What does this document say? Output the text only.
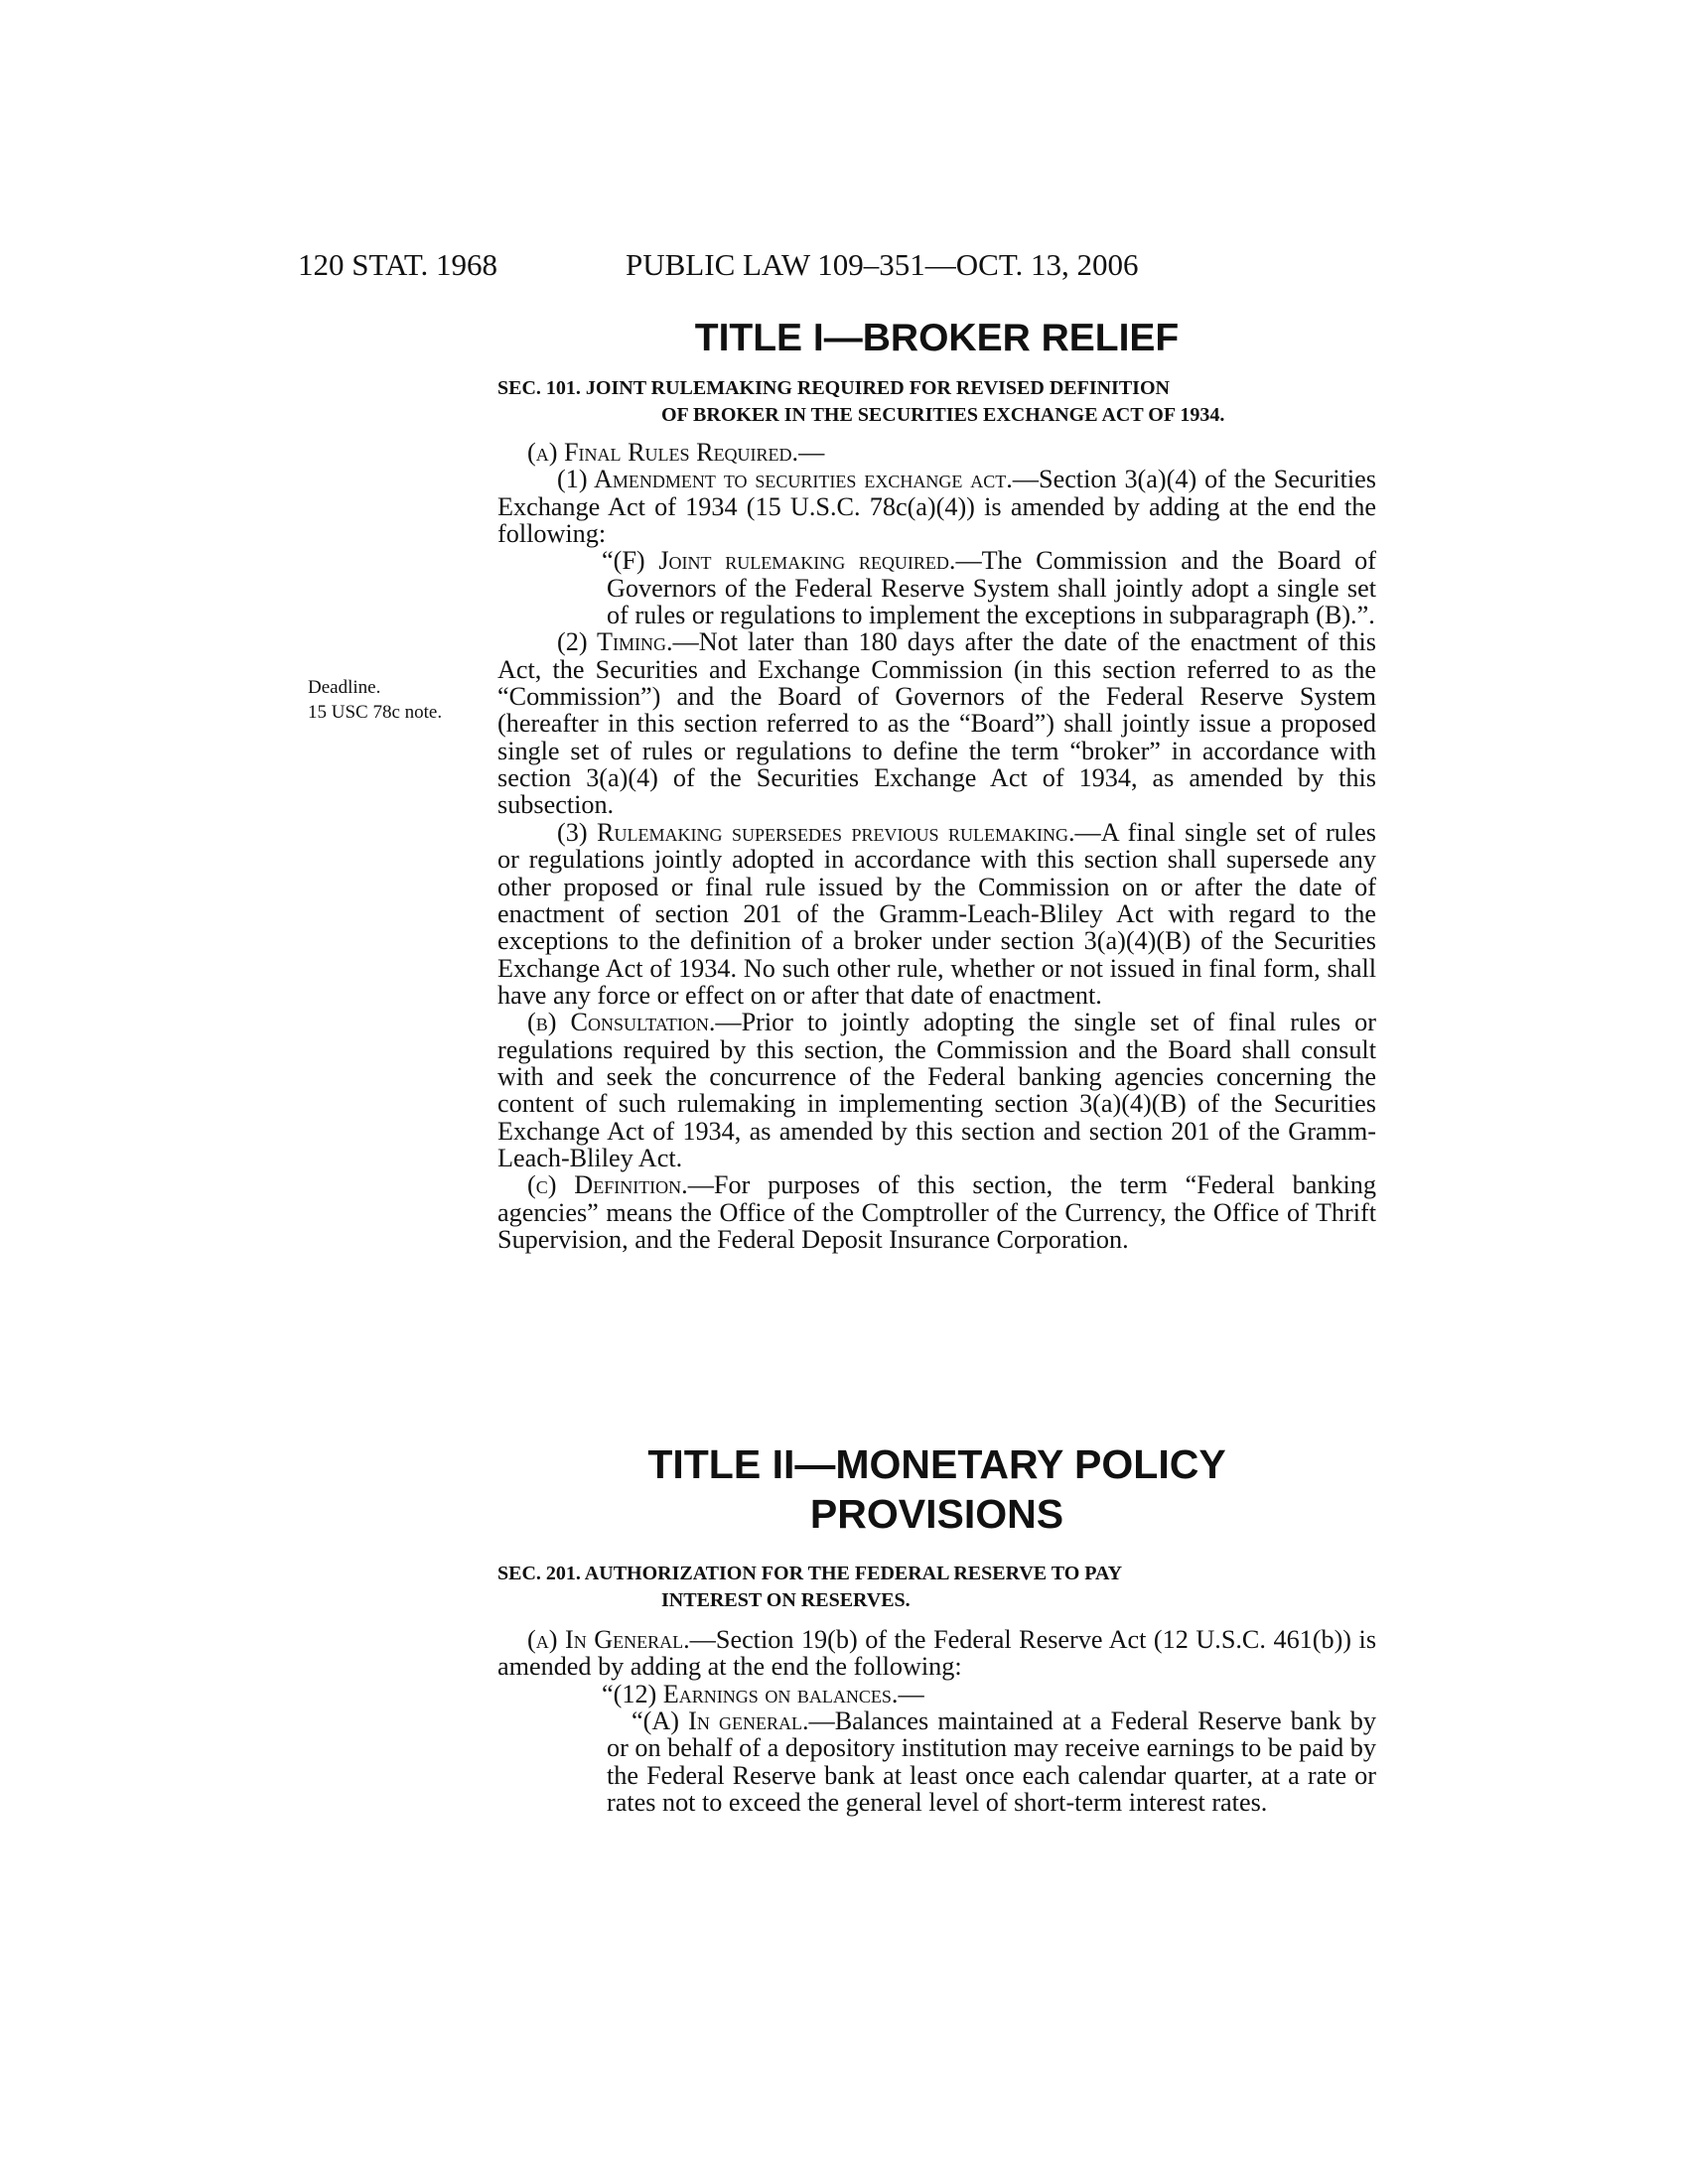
120 STAT. 1968	PUBLIC LAW 109–351—OCT. 13, 2006
Deadline.
15 USC 78c note.
TITLE I—BROKER RELIEF

SEC. 101. JOINT RULEMAKING REQUIRED FOR REVISED DEFINITION
OF BROKER IN THE SECURITIES EXCHANGE ACT OF 1934.

(a) Final Rules Required.—

(1) Amendment to securities exchange act.—Section 3(a)(4) of the Securities Exchange Act of 1934 (15 U.S.C. 78c(a)(4)) is amended by adding at the end the following:

“(F) Joint rulemaking required.—The Commission and the Board of Governors of the Federal Reserve System shall jointly adopt a single set of rules or regulations to implement the exceptions in subparagraph (B).”.

(2) Timing.—Not later than 180 days after the date of the enactment of this Act, the Securities and Exchange Commission (in this section referred to as the “Commission”) and the Board of Governors of the Federal Reserve System (hereafter in this section referred to as the “Board”) shall jointly issue a proposed single set of rules or regulations to define the term “broker” in accordance with section 3(a)(4) of the Securities Exchange Act of 1934, as amended by this subsection.

(3) Rulemaking supersedes previous rulemaking.—A final single set of rules or regulations jointly adopted in accordance with this section shall supersede any other proposed or final rule issued by the Commission on or after the date of enactment of section 201 of the Gramm-Leach-Bliley Act with regard to the exceptions to the definition of a broker under section 3(a)(4)(B) of the Securities Exchange Act of 1934. No such other rule, whether or not issued in final form, shall have any force or effect on or after that date of enactment.

(b) Consultation.—Prior to jointly adopting the single set of final rules or regulations required by this section, the Commission and the Board shall consult with and seek the concurrence of the Federal banking agencies concerning the content of such rulemaking in implementing section 3(a)(4)(B) of the Securities Exchange Act of 1934, as amended by this section and section 201 of the Gramm-Leach-Bliley Act.

(c) Definition.—For purposes of this section, the term “Federal banking agencies” means the Office of the Comptroller of the Currency, the Office of Thrift Supervision, and the Federal Deposit Insurance Corporation.

TITLE II—MONETARY POLICY
PROVISIONS

SEC. 201. AUTHORIZATION FOR THE FEDERAL RESERVE TO PAY
INTEREST ON RESERVES.

(a) In General.—Section 19(b) of the Federal Reserve Act (12 U.S.C. 461(b)) is amended by adding at the end the following:

“(12) Earnings on balances.—

“(A) In general.—Balances maintained at a Federal Reserve bank by or on behalf of a depository institution may receive earnings to be paid by the Federal Reserve bank at least once each calendar quarter, at a rate or rates not to exceed the general level of short-term interest rates.
